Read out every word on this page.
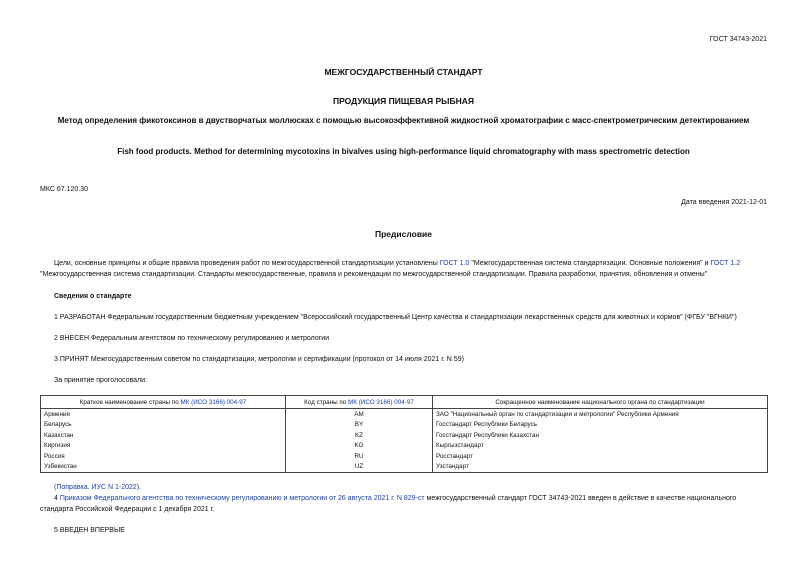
ГОСТ 34743-2021
МЕЖГОСУДАРСТВЕННЫЙ СТАНДАРТ
ПРОДУКЦИЯ ПИЩЕВАЯ РЫБНАЯ
Метод определения фикотоксинов в двустворчатых моллюсках с помощью высокоэффективной жидкостной хроматографии с масс-спектрометрическим детектированием
Fish food products. Method for determining mycotoxins in bivalves using high-performance liquid chromatography with mass spectrometric detection
МКС 67.120.30
Дата введения 2021-12-01
Предисловие
Цели, основные принципы и общие правила проведения работ по межгосударственной стандартизации установлены ГОСТ 1.0 "Межгосударственная система стандартизации. Основные положения" и ГОСТ 1.2 "Межгосударственная система стандартизации. Стандарты межгосударственные, правила и рекомендации по межгосударственной стандартизации. Правила разработки, принятия, обновления и отмены"
Сведения о стандарте
1 РАЗРАБОТАН Федеральным государственным бюджетным учреждением "Всероссийский государственный Центр качества и стандартизации лекарственных средств для животных и кормов" (ФГБУ "ВГНКИ")
2 ВНЕСЕН Федеральным агентством по техническому регулированию и метрологии
3 ПРИНЯТ Межгосударственным советом по стандартизации, метрологии и сертификации (протокол от 14 июля 2021 г. N 59)
За принятие проголосовали:
Краткое наименование страны по МК (ИСО 3166) 004-97	Код страны по МК (ИСО 3166) 004-97	Сокращенное наименование национального органа по стандартизации
Армения	AM	ЗАО "Национальный орган по стандартизации и метрологии" Республики Армения
Беларусь	BY	Госстандарт Республики Беларусь
Казахстан	KZ	Госстандарт Республики Казахстан
Киргизия	KG	Кыргызстандарт
Россия	RU	Росстандарт
Узбекистан	UZ	Узстандарт
(Поправка. ИУС N 1-2022).
4 Приказом Федерального агентства по техническому регулированию и метрологии от 26 августа 2021 г. N 829-ст межгосударственный стандарт ГОСТ 34743-2021 введен в действие в качестве национального стандарта Российской Федерации с 1 декабря 2021 г.
5 ВВЕДЕН ВПЕРВЫЕ
